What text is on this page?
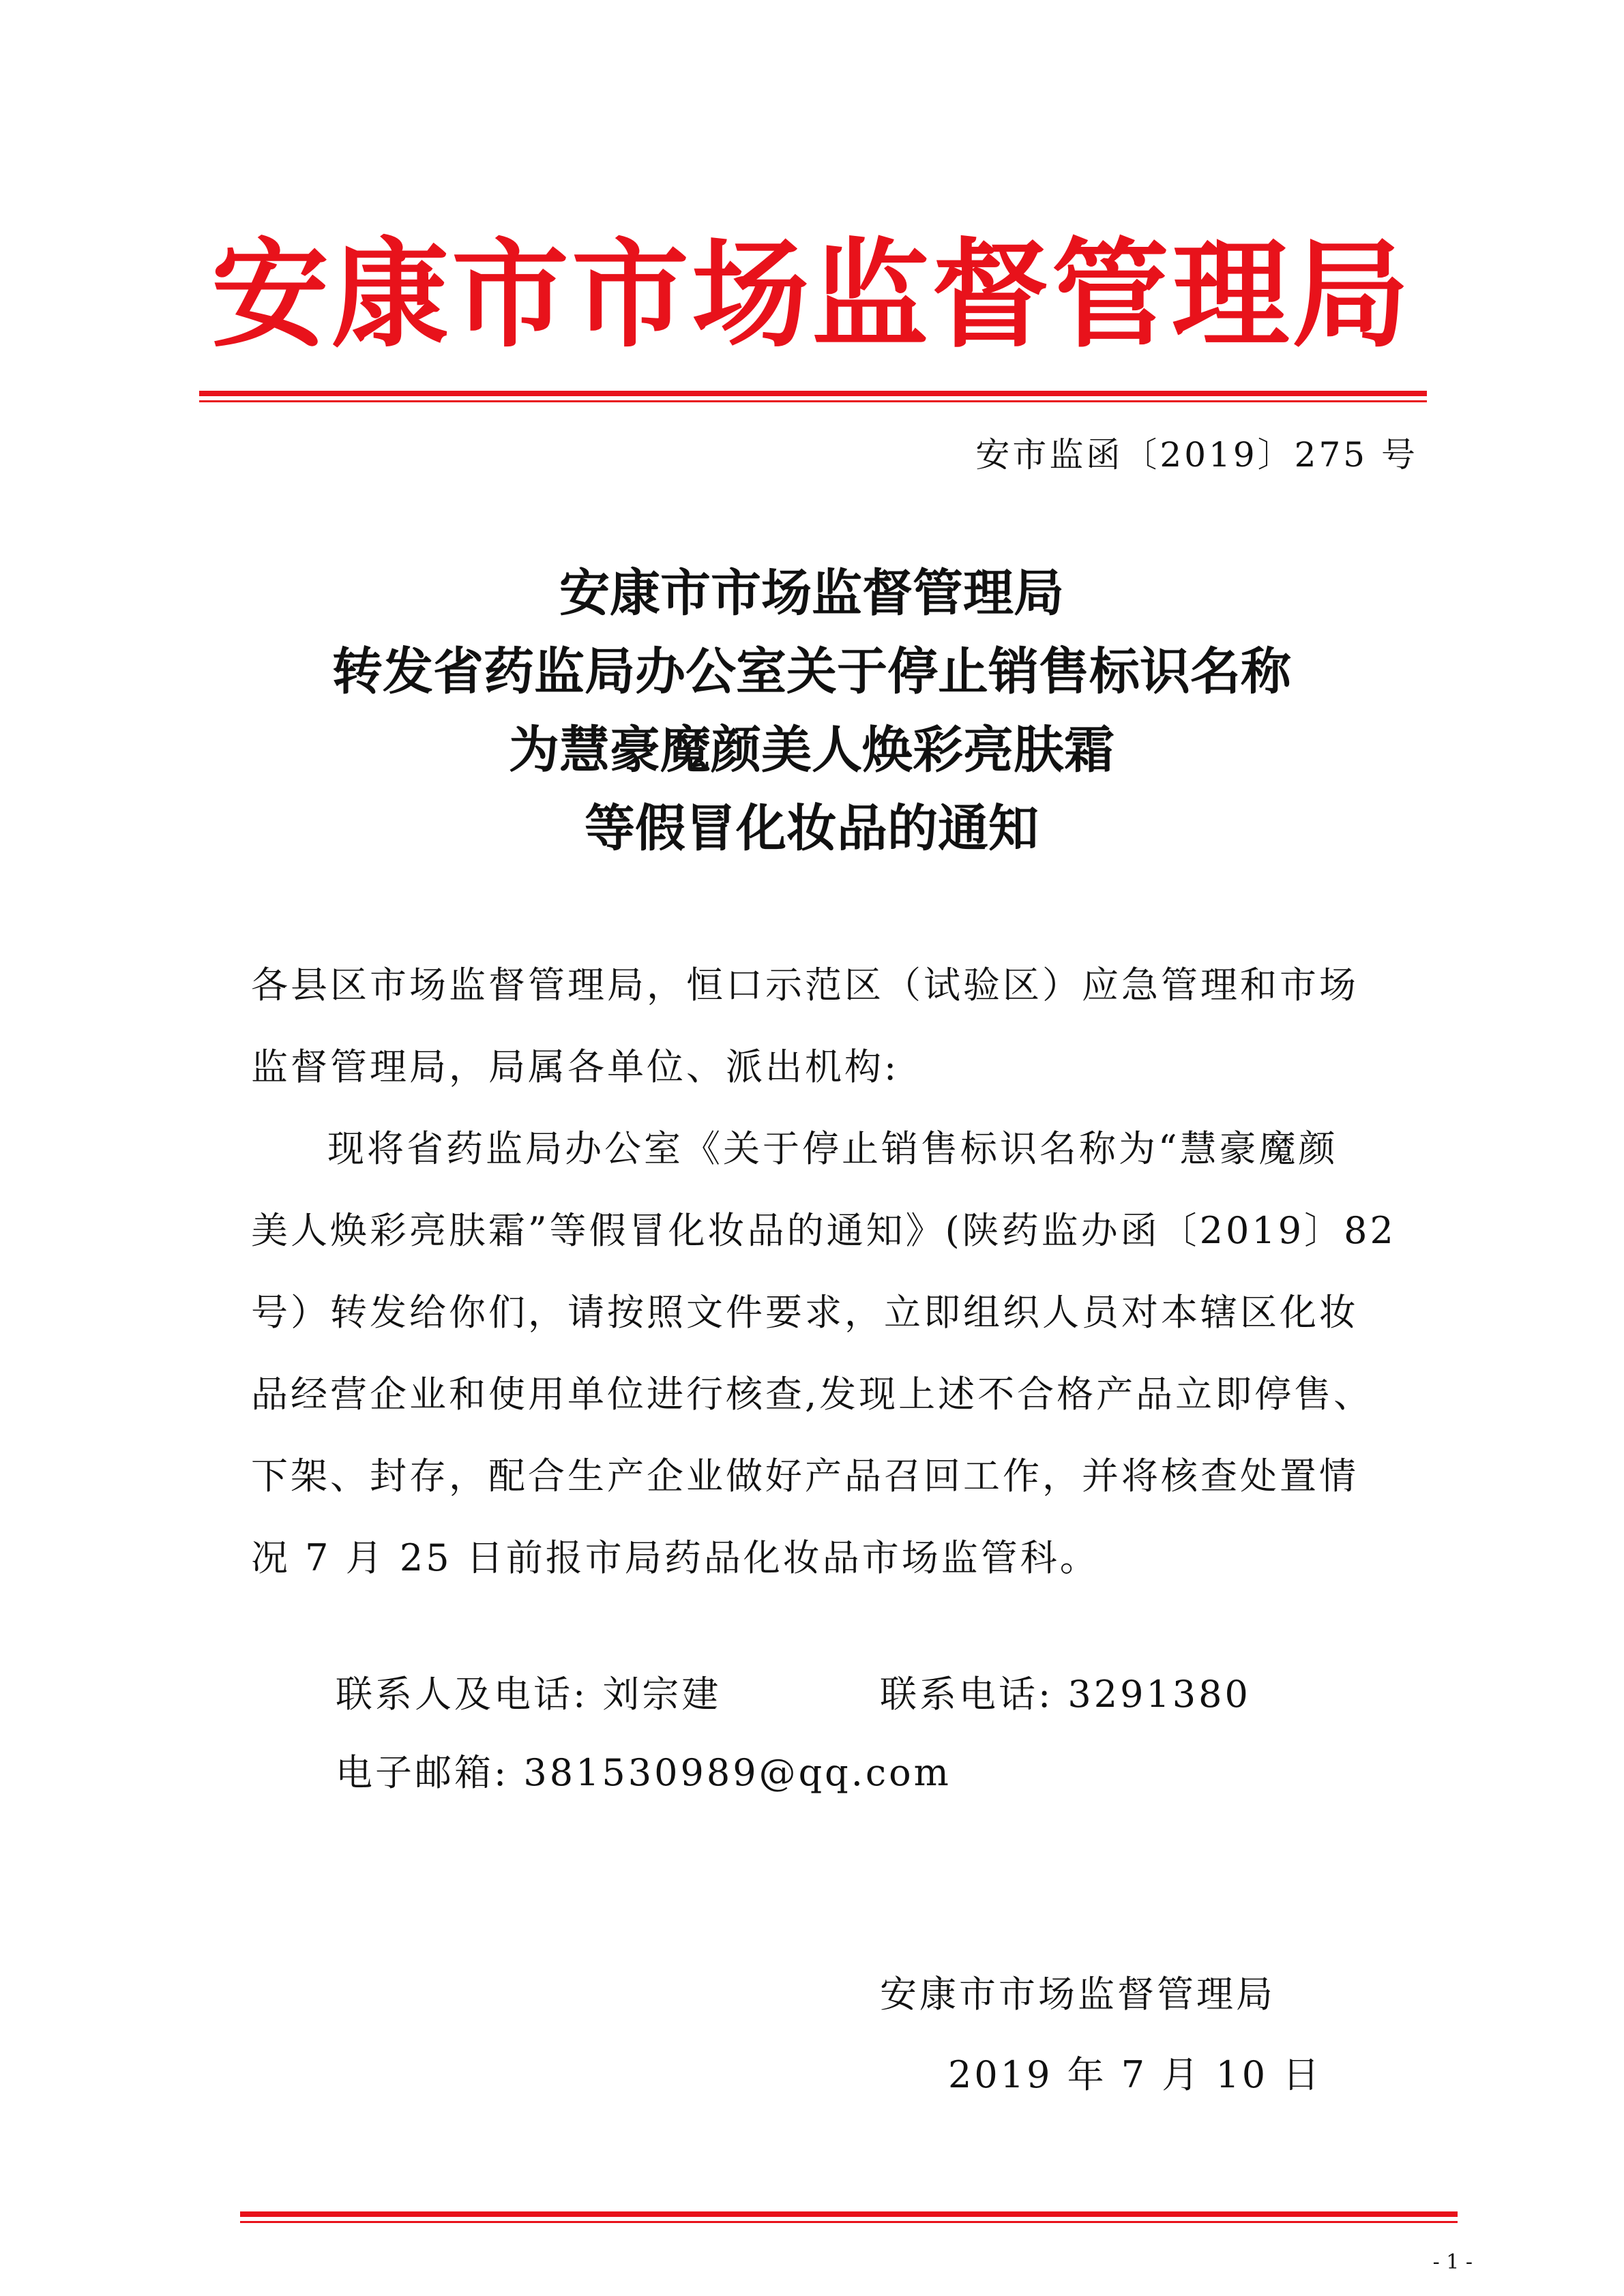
安康市市场监督管理局
安市监函〔2019〕275 号
安康市市场监督管理局
转发省药监局办公室关于停止销售标识名称
为慧豪魔颜美人焕彩亮肤霜
等假冒化妆品的通知
各县区市场监督管理局，恒口示范区（试验区）应急管理和市场
监督管理局，局属各单位、派出机构:
现将省药监局办公室《关于停止销售标识名称为“慧豪魔颜
美人焕彩亮肤霜”等假冒化妆品的通知》(陕药监办函〔2019〕82
号）转发给你们，请按照文件要求，立即组织人员对本辖区化妆
品经营企业和使用单位进行核查,发现上述不合格产品立即停售、
下架、封存，配合生产企业做好产品召回工作，并将核查处置情
况 7 月 25 日前报市局药品化妆品市场监管科。
联系人及电话: 刘宗建	联系电话: 3291380
电子邮箱: 381530989@qq.com
安康市市场监督管理局
2019 年 7 月 10 日
- 1 -
